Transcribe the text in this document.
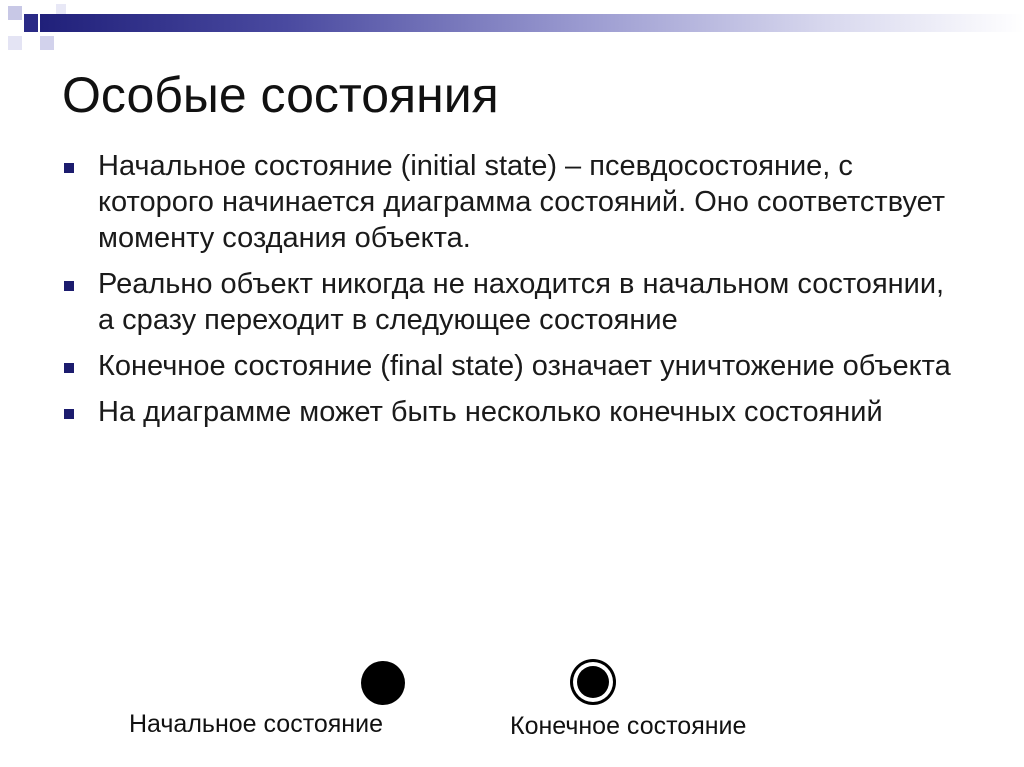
Особые состояния
Начальное состояние (initial state) – псевдосостояние, с которого начинается диаграмма состояний. Оно соответствует моменту создания объекта.
Реально объект никогда не находится в начальном состоянии, а сразу переходит в следующее состояние
Конечное состояние (final state) означает уничтожение объекта
На диаграмме может быть несколько конечных состояний
Начальное состояние	Конечное состояние
